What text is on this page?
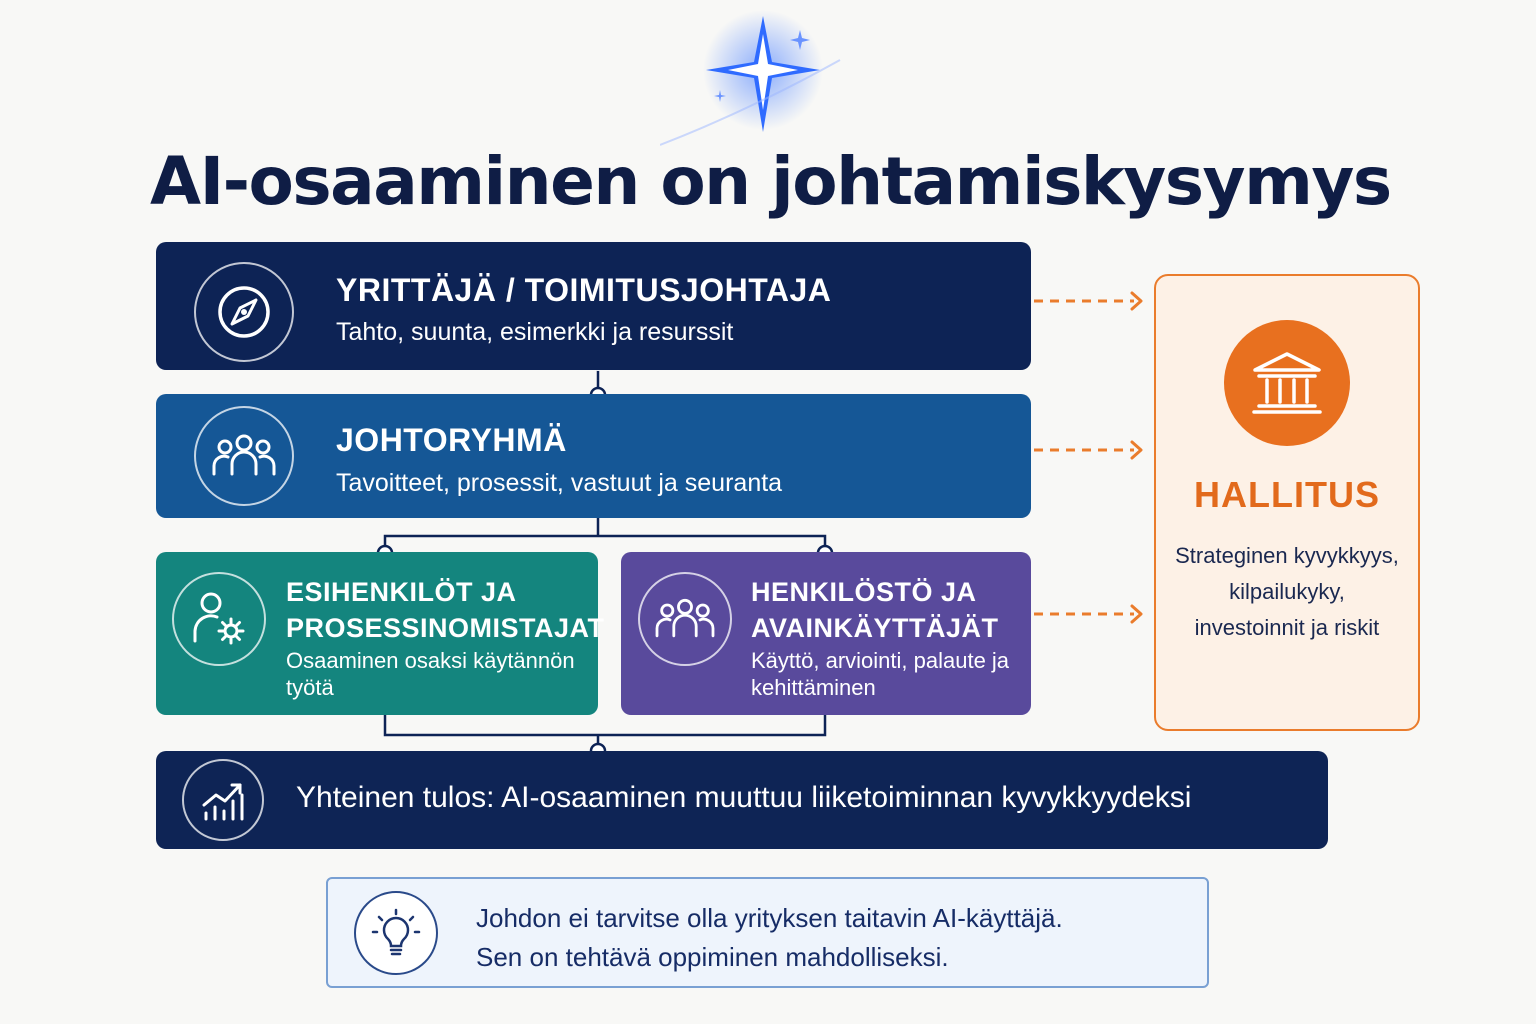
AI-osaaminen on johtamiskysymys
YRITTÄJÄ / TOIMITUSJOHTAJA
Tahto, suunta, esimerkki ja resurssit
JOHTORYHMÄ
Tavoitteet, prosessit, vastuut ja seuranta
ESIHENKILÖT JA PROSESSINOMISTAJAT
Osaaminen osaksi käytännön työtä
HENKILÖSTÖ JA AVAINKÄYTTÄJÄT
Käyttö, arviointi, palaute ja kehittäminen
Yhteinen tulos: AI-osaaminen muuttuu liiketoiminnan kyvykkyydeksi
HALLITUS
Strateginen kyvykkyys,
kilpailukyky,
investoinnit ja riskit
Johdon ei tarvitse olla yrityksen taitavin AI-käyttäjä.
Sen on tehtävä oppiminen mahdolliseksi.
